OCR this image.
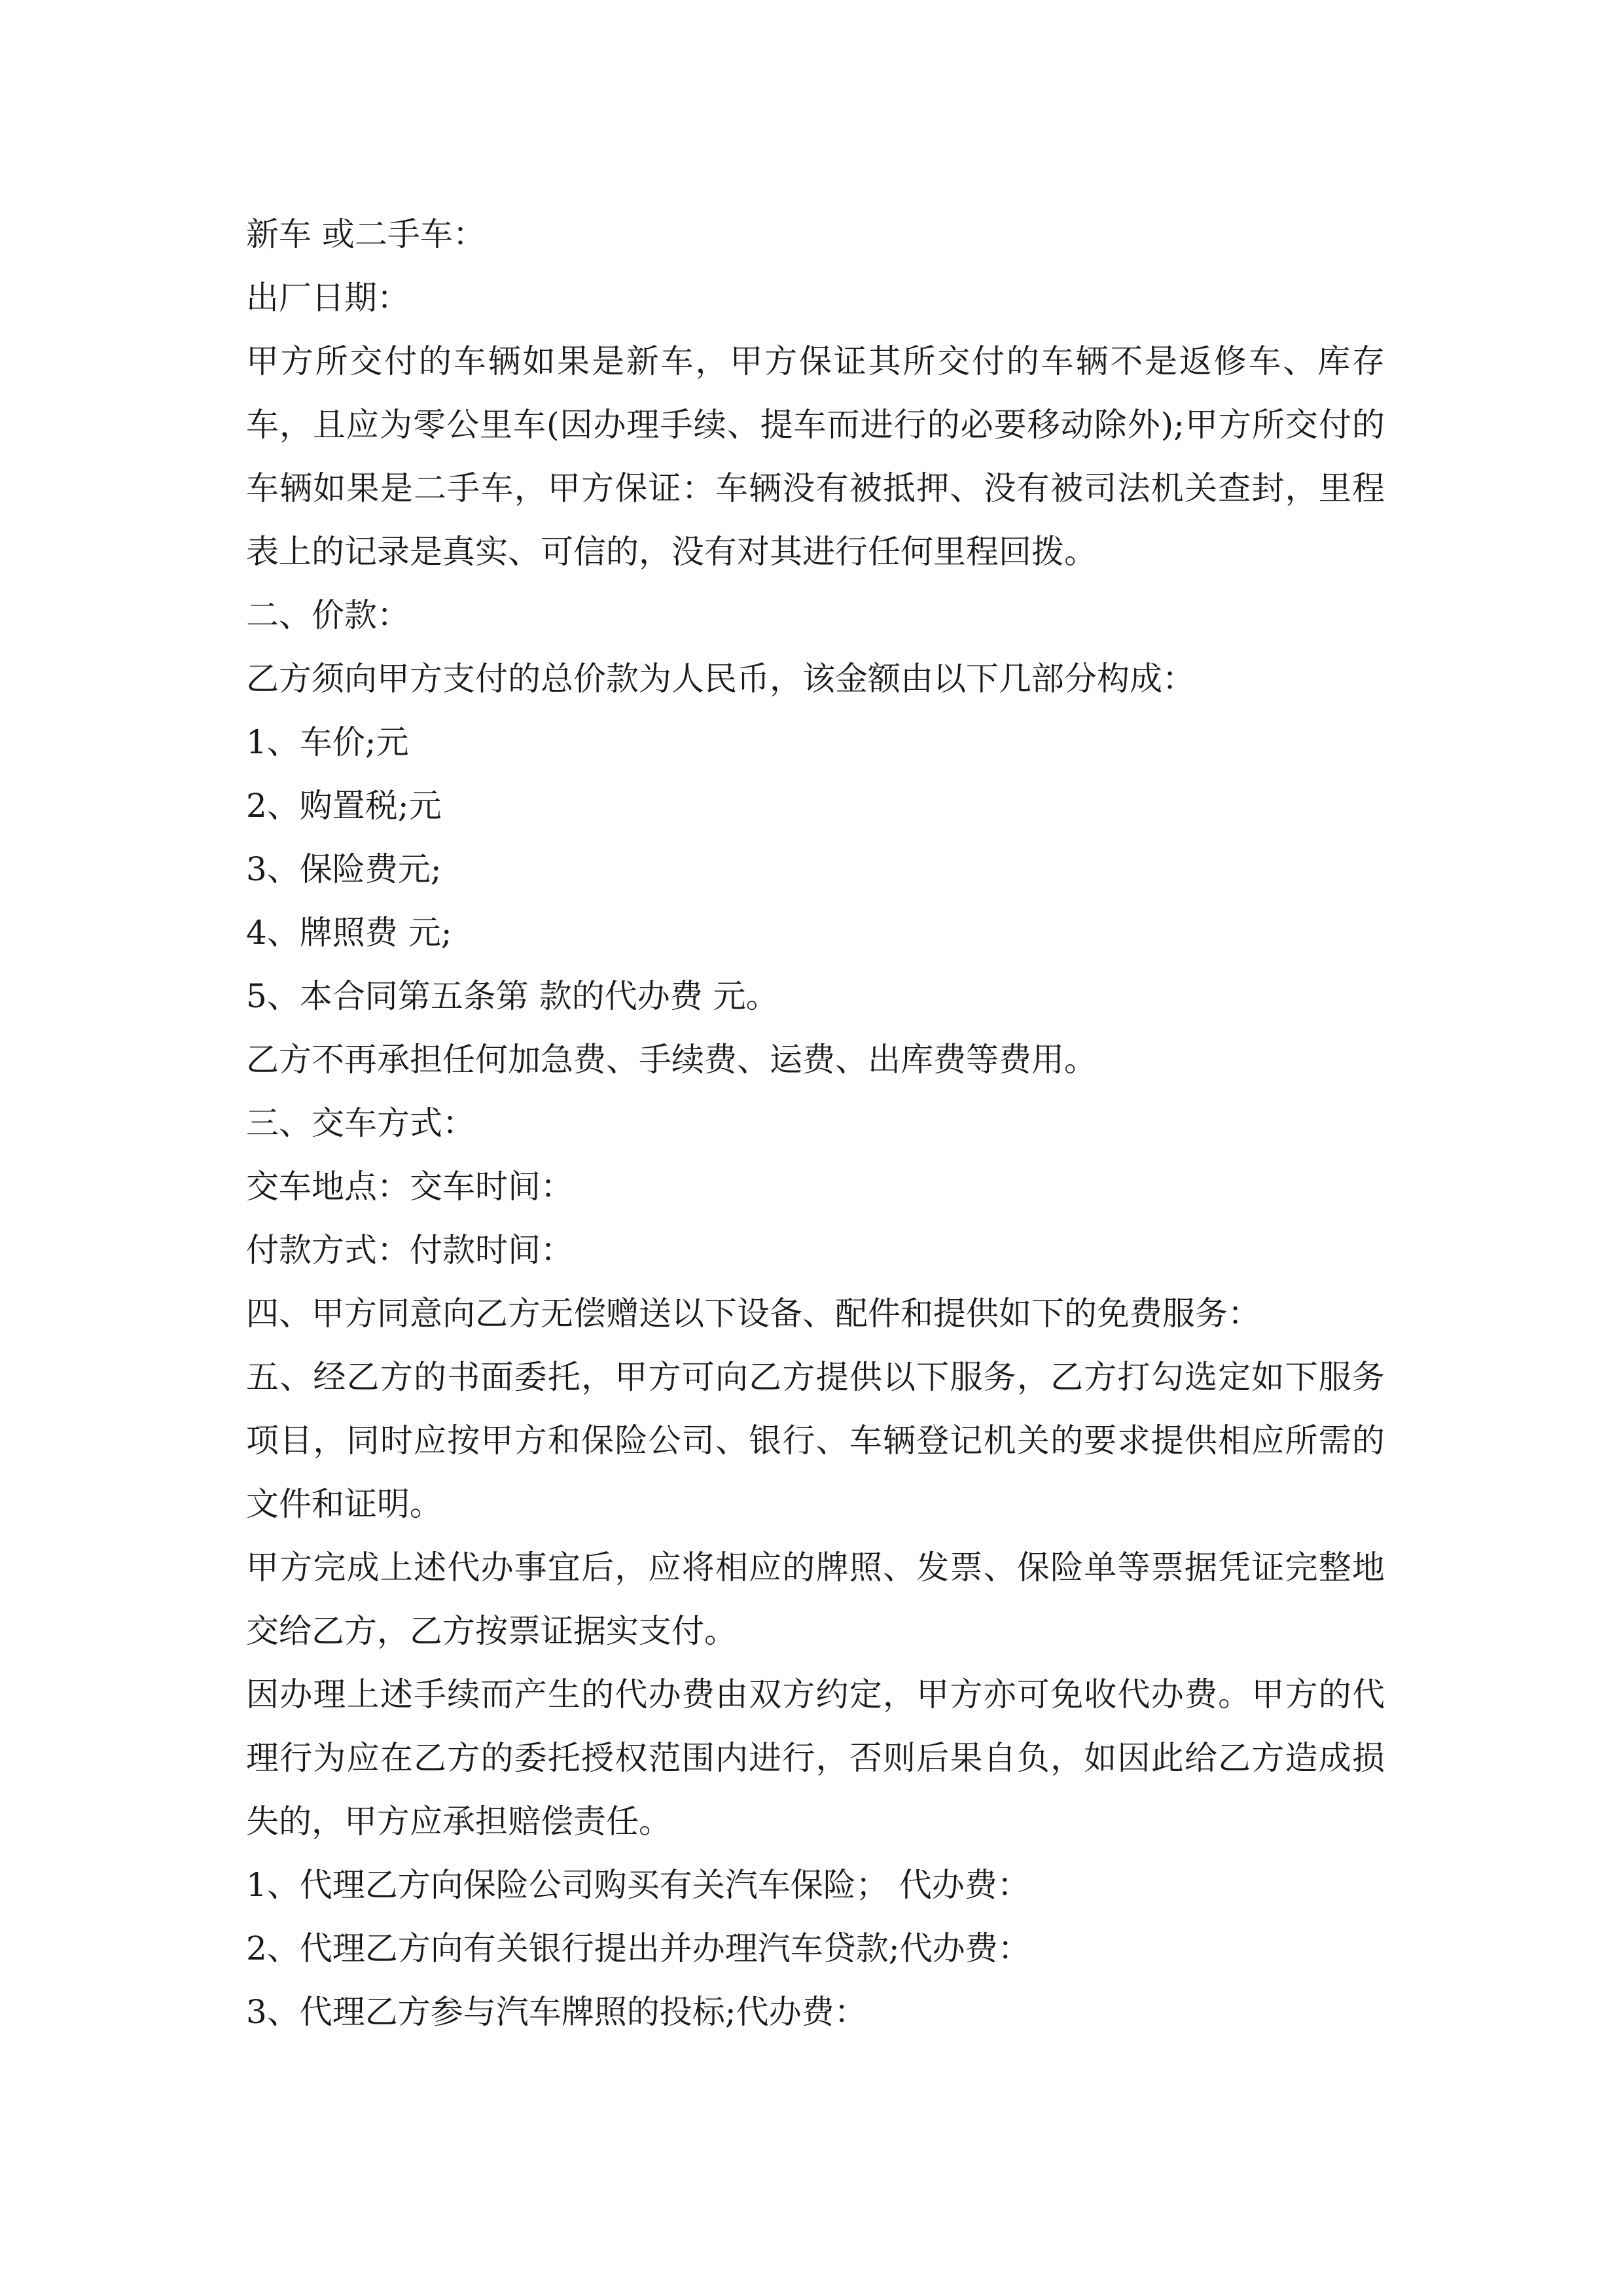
新车 或二手车：

出厂日期：

甲方所交付的车辆如果是新车，甲方保证其所交付的车辆不是返修车、库存车，且应为零公里车(因办理手续、提车而进行的必要移动除外);甲方所交付的车辆如果是二手车，甲方保证：车辆没有被抵押、没有被司法机关查封，里程表上的记录是真实、可信的，没有对其进行任何里程回拨。

二、价款：

乙方须向甲方支付的总价款为人民币，该金额由以下几部分构成：

1、车价;元

2、购置税;元

3、保险费元;

4、牌照费 元;

5、本合同第五条第 款的代办费 元。

乙方不再承担任何加急费、手续费、运费、出库费等费用。

三、交车方式：

交车地点：交车时间：

付款方式：付款时间：

四、甲方同意向乙方无偿赠送以下设备、配件和提供如下的免费服务：

五、经乙方的书面委托，甲方可向乙方提供以下服务，乙方打勾选定如下服务项目，同时应按甲方和保险公司、银行、车辆登记机关的要求提供相应所需的文件和证明。

甲方完成上述代办事宜后，应将相应的牌照、发票、保险单等票据凭证完整地交给乙方，乙方按票证据实支付。

因办理上述手续而产生的代办费由双方约定，甲方亦可免收代办费。甲方的代理行为应在乙方的委托授权范围内进行，否则后果自负，如因此给乙方造成损失的，甲方应承担赔偿责任。

1、代理乙方向保险公司购买有关汽车保险； 代办费：

2、代理乙方向有关银行提出并办理汽车贷款;代办费：

3、代理乙方参与汽车牌照的投标;代办费：
